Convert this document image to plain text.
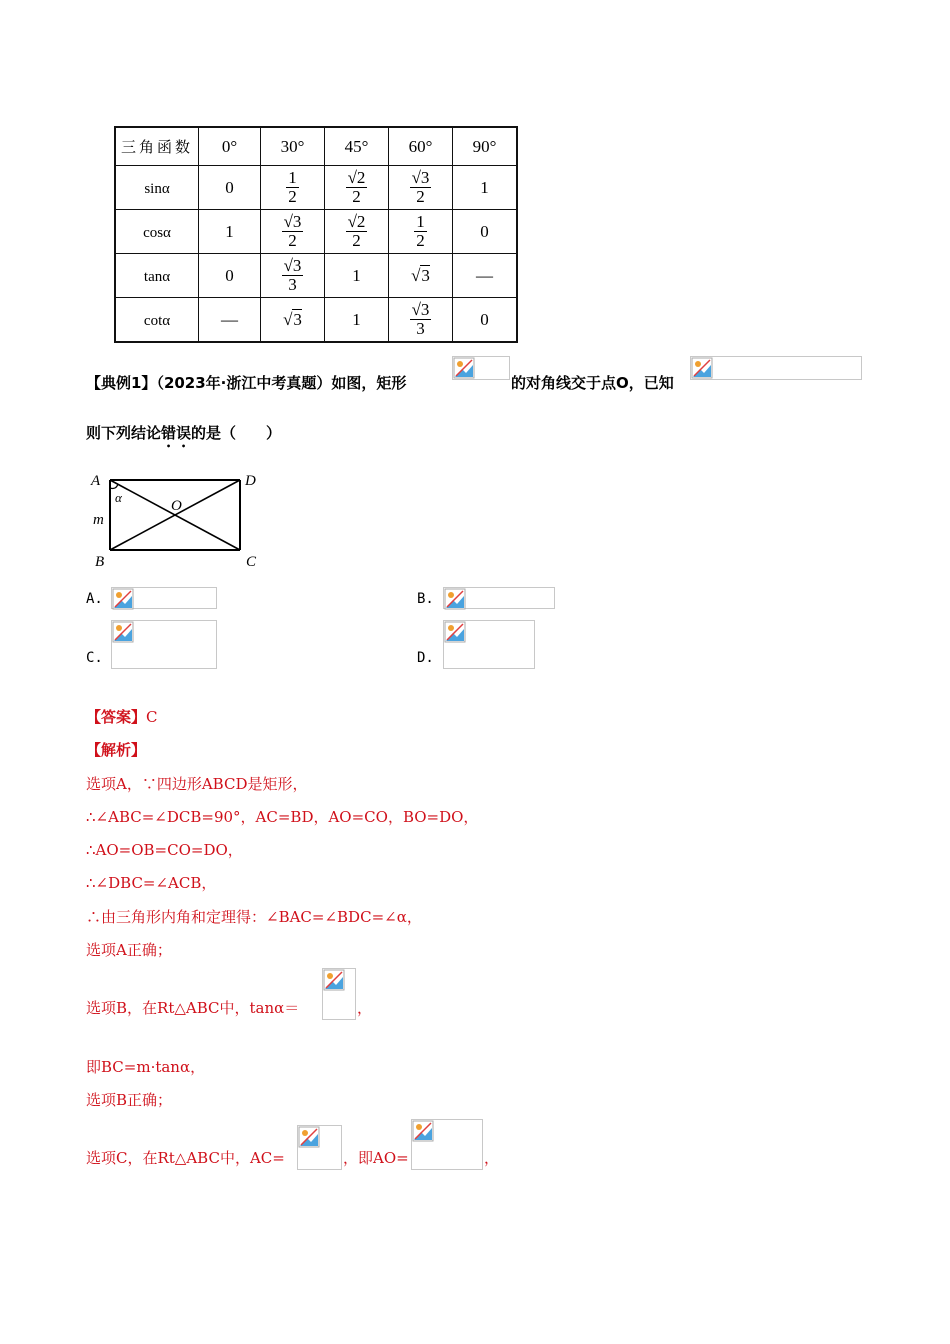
三角函数	0°	30°	45°	60°	90°
sinα	0	$\frac{1}{2}$	$\frac{√2}{2}$	$\frac{√3}{2}$	1
cosα	1	$\frac{√3}{2}$	$\frac{√2}{2}$	$\frac{1}{2}$	0
tanα	0	$\frac{√3}{3}$	1	√3	—
cotα	—	√3	1	$\frac{√3}{3}$	0
【典例1】（2023年·浙江中考真题）如图，矩形	的对角线交于点O，已知
则下列结论错误的是（　　）
A	D
B	C
O
m
α
A.	B.
C.	D.
【答案】C
【解析】
选项A，∵四边形ABCD是矩形，
∴∠ABC=∠DCB=90°，AC=BD，AO=CO，BO=DO，
∴AO=OB=CO=DO，
∴∠DBC=∠ACB，
∴由三角形内角和定理得：∠BAC=∠BDC=∠α，
选项A正确；
选项B，在Rt△ABC中，tanα＝	，
即BC=m·tanα，
选项B正确；
选项C，在Rt△ABC中，AC=	，即AO=	，
